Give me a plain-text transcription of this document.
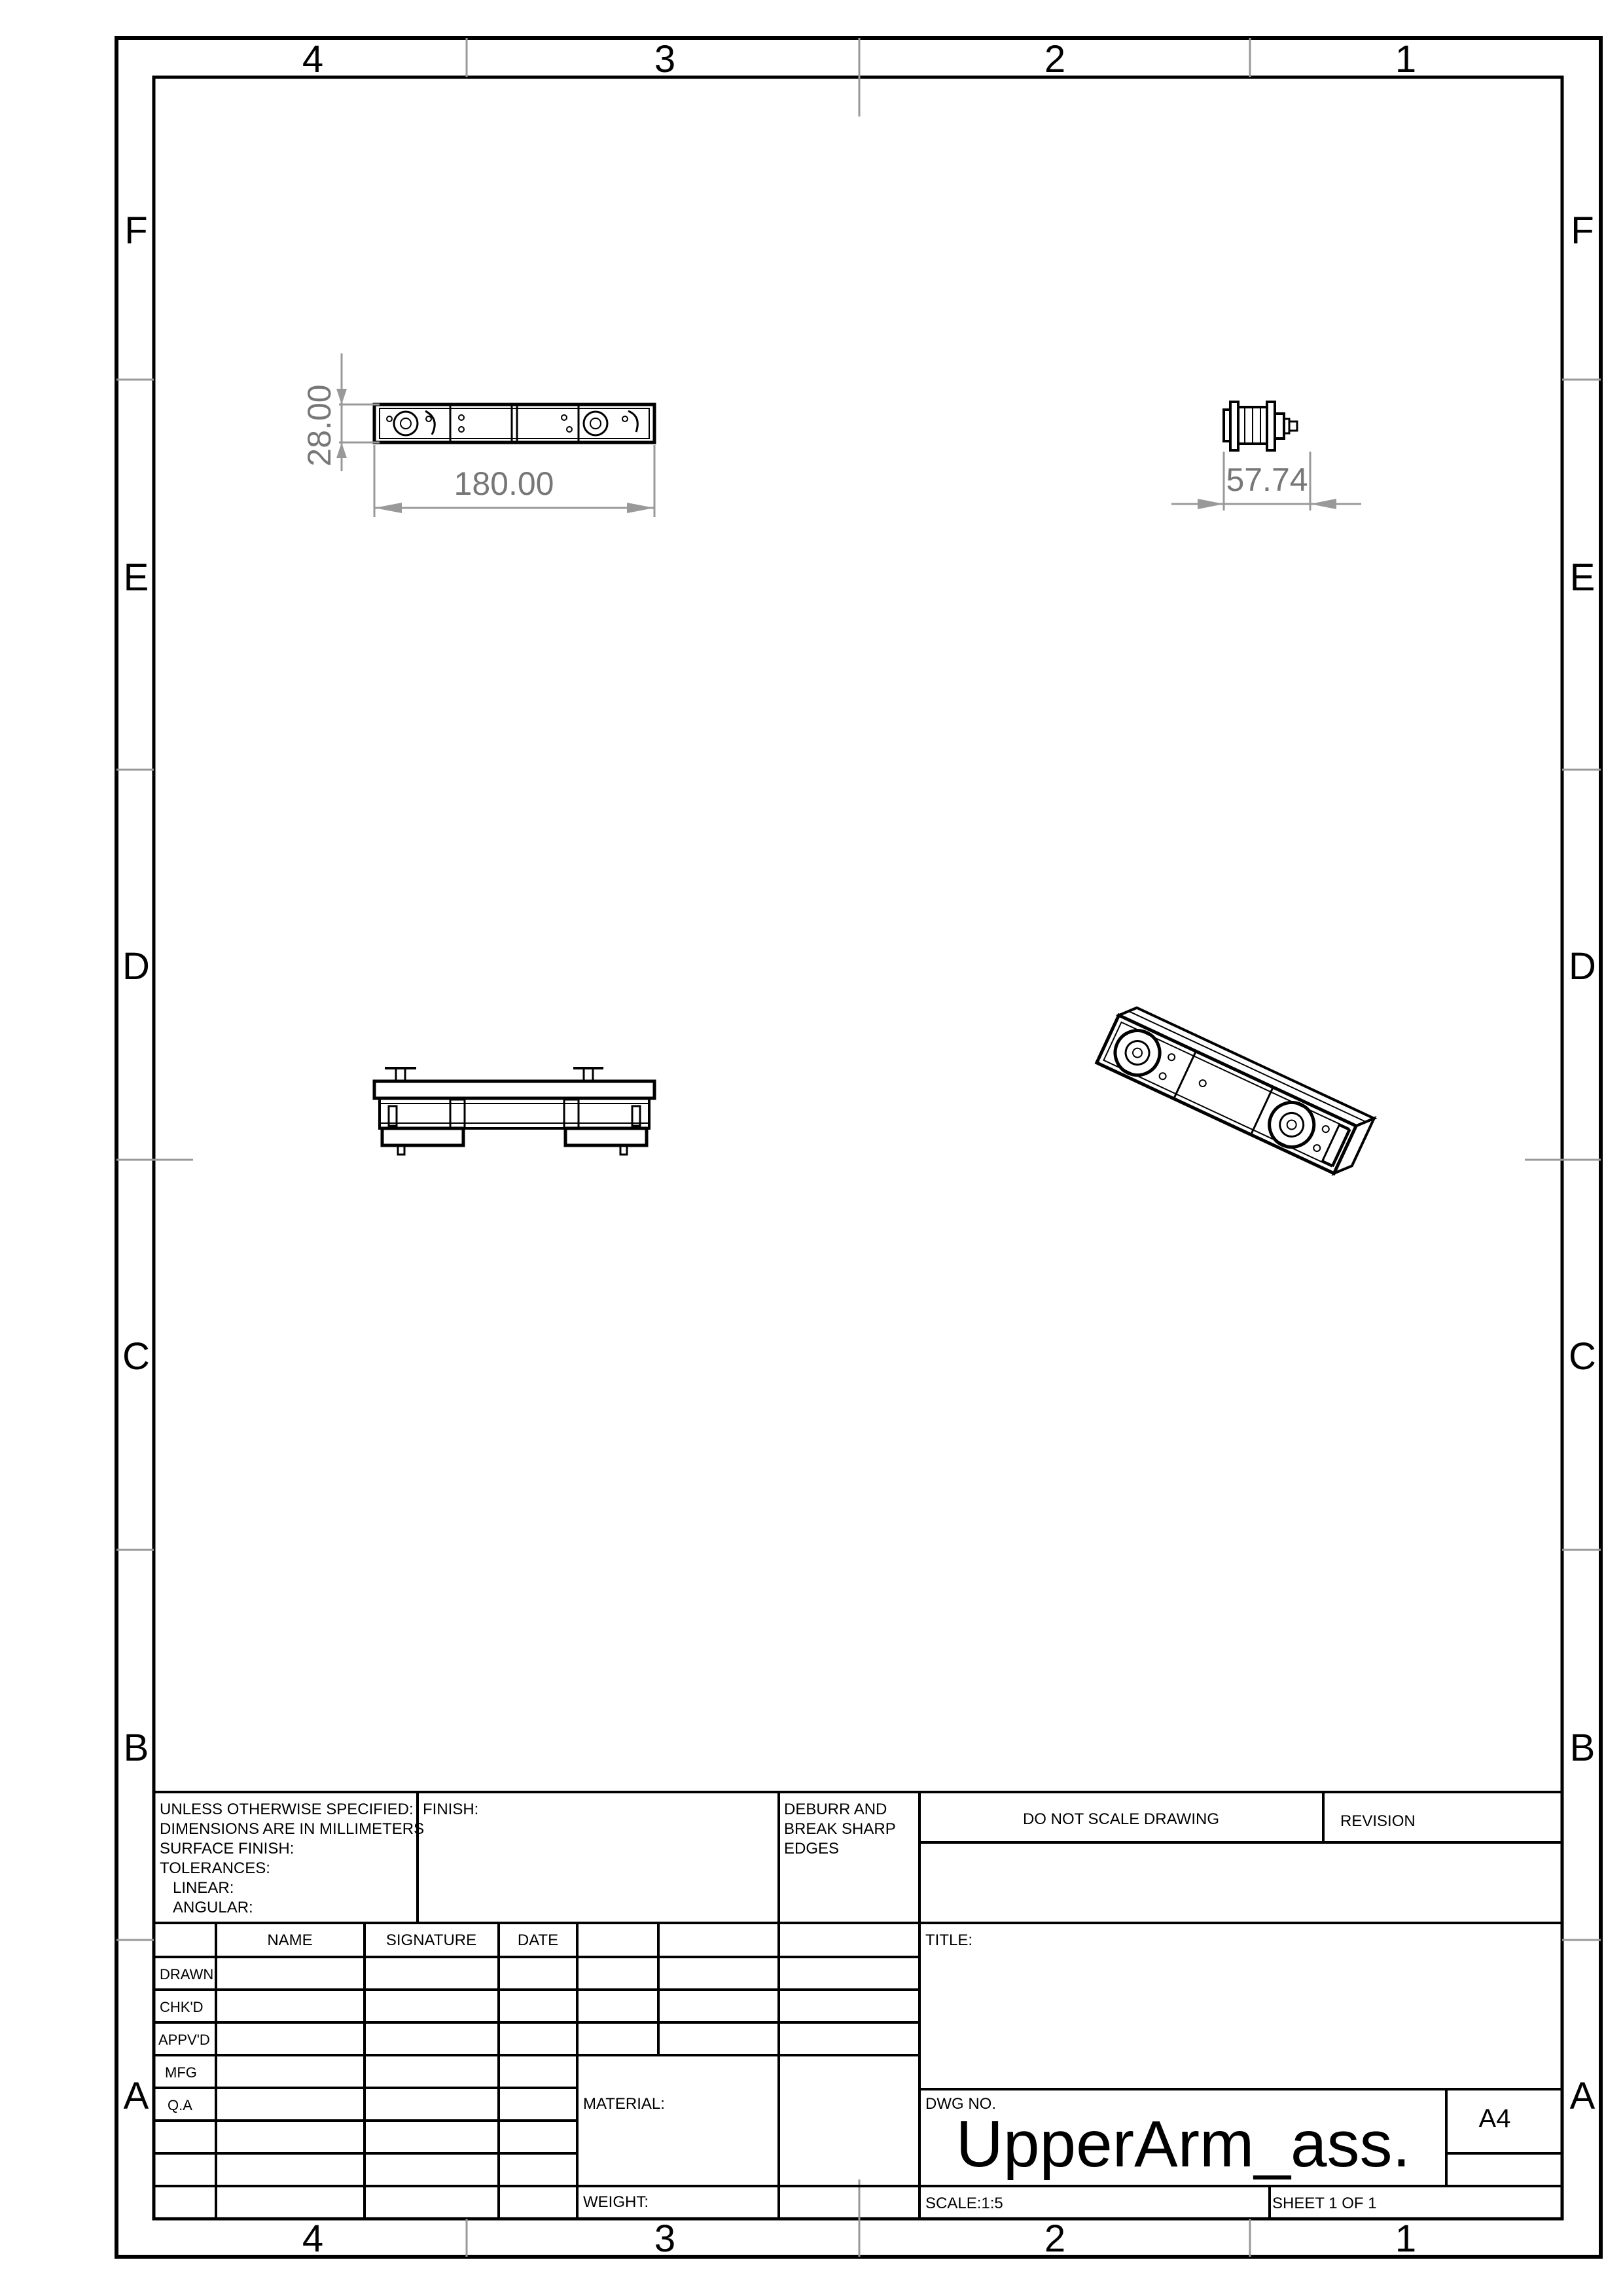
4	3	2	1
4	3	2	1
F
E
D
C
B
A
F
E
D
C
B
A
28.00
180.00	57.74
UNLESS OTHERWISE SPECIFIED:
DIMENSIONS ARE IN MILLIMETERS
SURFACE FINISH:
TOLERANCES:
LINEAR:
ANGULAR:
FINISH:	DEBURR AND
BREAK SHARP
EDGES
DO NOT SCALE DRAWING	REVISION
NAME	SIGNATURE	DATE
DRAWN
CHK'D
APPV'D
MFG
Q.A
TITLE:
MATERIAL:
WEIGHT:
DWG NO.
UpperArm_ass.	A4
SCALE:1:5	SHEET 1 OF 1
